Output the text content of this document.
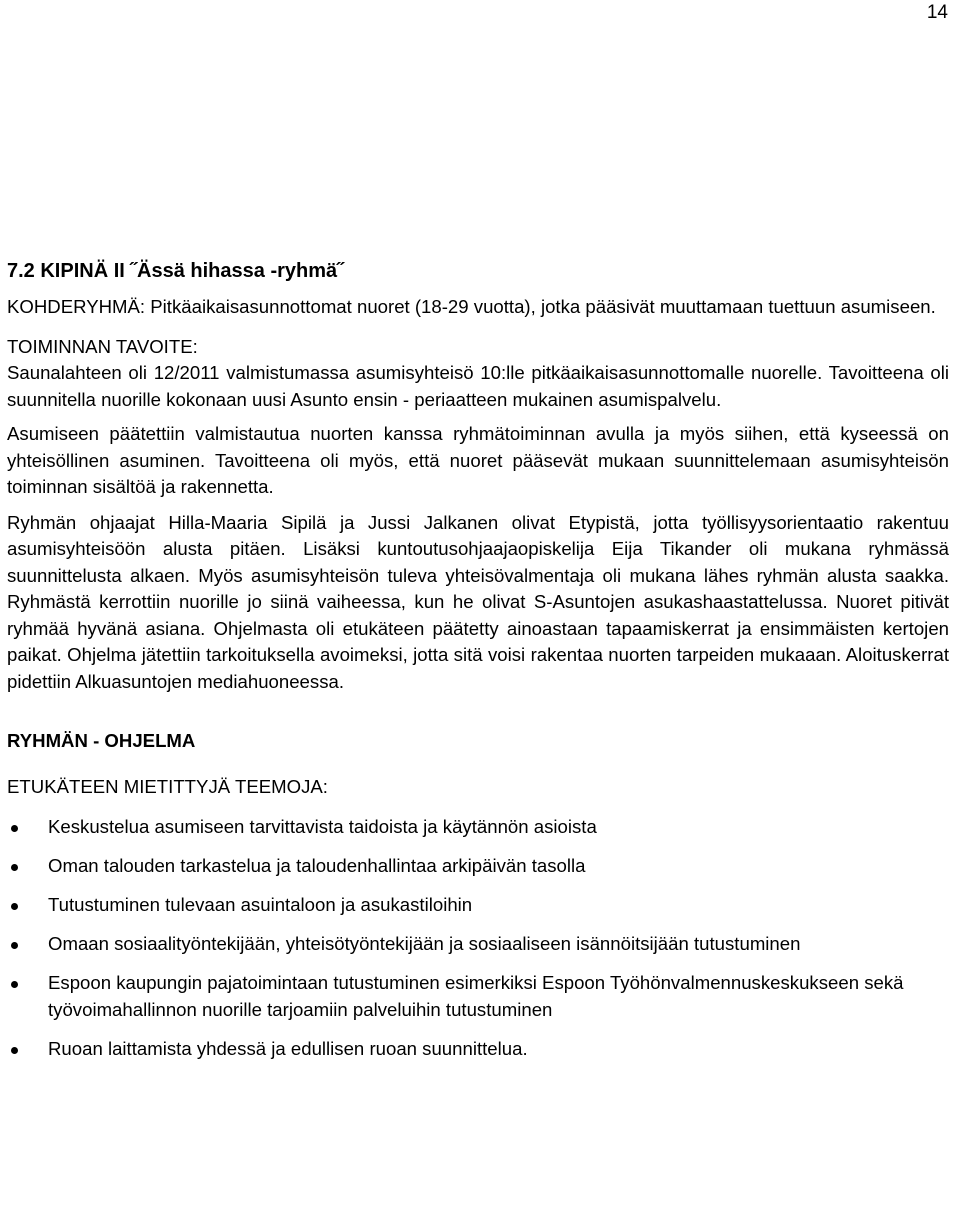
14
7.2 KIPINÄ II ˝Ässä hihassa -ryhmä˝

KOHDERYHMÄ: Pitkäaikaisasunnottomat nuoret (18-29 vuotta), jotka pääsivät muuttamaan tuettuun asumiseen.

TOIMINNAN TAVOITE:

Saunalahteen oli 12/2011 valmistumassa asumisyhteisö 10:lle pitkäaikaisasunnottomalle nuorelle. Tavoitteena oli suunnitella nuorille kokonaan uusi Asunto ensin - periaatteen mukainen asumispalvelu.

Asumiseen päätettiin valmistautua nuorten kanssa ryhmätoiminnan avulla ja myös siihen, että kyseessä on yhteisöllinen asuminen. Tavoitteena oli myös, että nuoret pääsevät mukaan suunnittelemaan asumisyhteisön toiminnan sisältöä ja rakennetta.

Ryhmän ohjaajat Hilla-Maaria Sipilä ja Jussi Jalkanen olivat Etypistä, jotta työllisyysorientaatio rakentuu asumisyhteisöön alusta pitäen. Lisäksi kuntoutusohjaajaopiskelija Eija Tikander oli mukana ryhmässä suunnittelusta alkaen. Myös asumisyhteisön tuleva yhteisövalmentaja oli mukana lähes ryhmän alusta saakka. Ryhmästä kerrottiin nuorille jo siinä vaiheessa, kun he olivat S-Asuntojen asukashaastattelussa. Nuoret pitivät ryhmää hyvänä asiana. Ohjelmasta oli etukäteen päätetty ainoastaan tapaamiskerrat ja ensimmäisten kertojen paikat. Ohjelma jätettiin tarkoituksella avoimeksi, jotta sitä voisi rakentaa nuorten tarpeiden mukaaan. Aloituskerrat pidettiin Alkuasuntojen mediahuoneessa.

RYHMÄN - OHJELMA
ETUKÄTEEN MIETITTYJÄ TEEMOJA:
Keskustelua asumiseen tarvittavista taidoista ja käytännön asioista
Oman talouden tarkastelua ja taloudenhallintaa arkipäivän tasolla
Tutustuminen tulevaan asuintaloon ja asukastiloihin
Omaan sosiaalityöntekijään, yhteisötyöntekijään ja sosiaaliseen isännöitsijään tutustuminen
Espoon kaupungin pajatoimintaan tutustuminen esimerkiksi Espoon Työhönvalmennuskeskukseen sekä työvoimahallinnon nuorille tarjoamiin palveluihin tutustuminen
Ruoan laittamista yhdessä ja edullisen ruoan suunnittelua.
